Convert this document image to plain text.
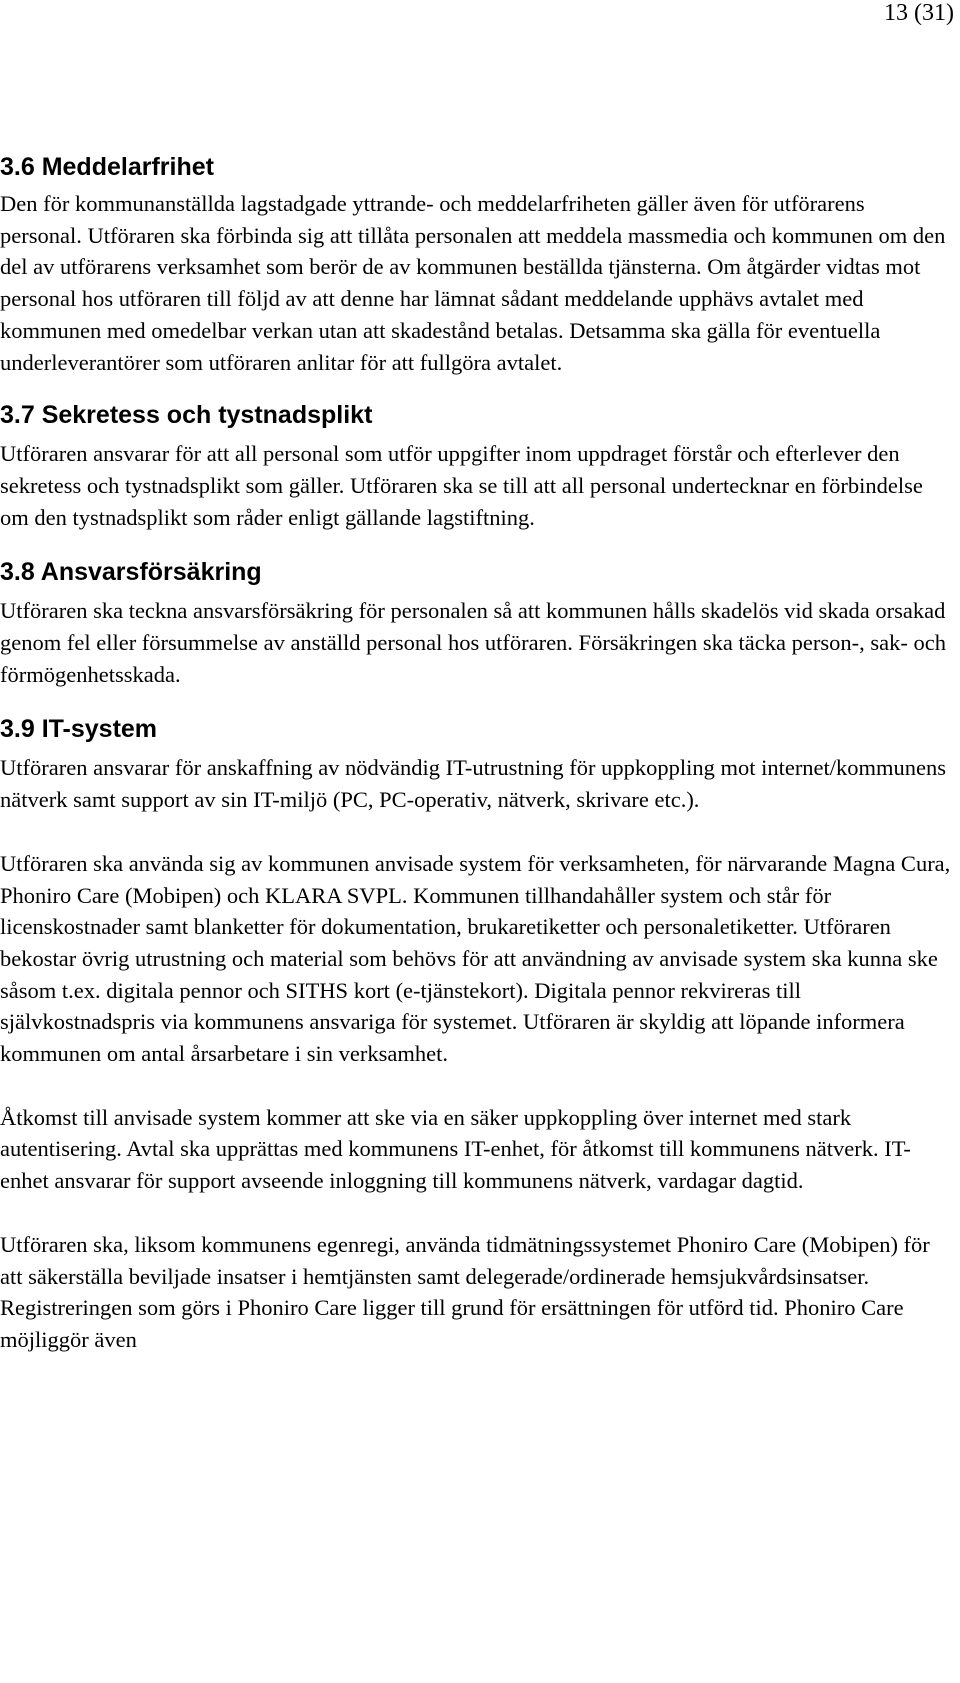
13 (31)
3.6 Meddelarfrihet

Den för kommunanställda lagstadgade yttrande- och meddelarfriheten gäller även för utförarens personal. Utföraren ska förbinda sig att tillåta personalen att meddela massmedia och kommunen om den del av utförarens verksamhet som berör de av kommunen beställda tjänsterna. Om åtgärder vidtas mot personal hos utföraren till följd av att denne har lämnat sådant meddelande upphävs avtalet med kommunen med omedelbar verkan utan att skadestånd betalas. Detsamma ska gälla för eventuella underleverantörer som utföraren anlitar för att fullgöra avtalet.

3.7 Sekretess och tystnadsplikt

Utföraren ansvarar för att all personal som utför uppgifter inom uppdraget förstår och efterlever den sekretess och tystnadsplikt som gäller. Utföraren ska se till att all personal undertecknar en förbindelse om den tystnadsplikt som råder enligt gällande lagstiftning.

3.8 Ansvarsförsäkring

Utföraren ska teckna ansvarsförsäkring för personalen så att kommunen hålls skadelös vid skada orsakad genom fel eller försummelse av anställd personal hos utföraren. Försäkringen ska täcka person-, sak- och förmögenhetsskada.

3.9 IT-system

Utföraren ansvarar för anskaffning av nödvändig IT-utrustning för uppkoppling mot internet/kommunens nätverk samt support av sin IT-miljö (PC, PC-operativ, nätverk, skrivare etc.).

Utföraren ska använda sig av kommunen anvisade system för verksamheten, för närvarande Magna Cura, Phoniro Care (Mobipen) och KLARA SVPL. Kommunen tillhandahåller system och står för licenskostnader samt blanketter för dokumentation, brukaretiketter och personaletiketter. Utföraren bekostar övrig utrustning och material som behövs för att användning av anvisade system ska kunna ske såsom t.ex. digitala pennor och SITHS kort (e-tjänstekort). Digitala pennor rekvireras till självkostnadspris via kommunens ansvariga för systemet. Utföraren är skyldig att löpande informera kommunen om antal årsarbetare i sin verksamhet.

Åtkomst till anvisade system kommer att ske via en säker uppkoppling över internet med stark autentisering. Avtal ska upprättas med kommunens IT-enhet, för åtkomst till kommunens nätverk. IT-enhet ansvarar för support avseende inloggning till kommunens nätverk, vardagar dagtid.

Utföraren ska, liksom kommunens egenregi, använda tidmätningssystemet Phoniro Care (Mobipen) för att säkerställa beviljade insatser i hemtjänsten samt delegerade/ordinerade hemsjukvårdsinsatser. Registreringen som görs i Phoniro Care ligger till grund för ersättningen för utförd tid. Phoniro Care möjliggör även
